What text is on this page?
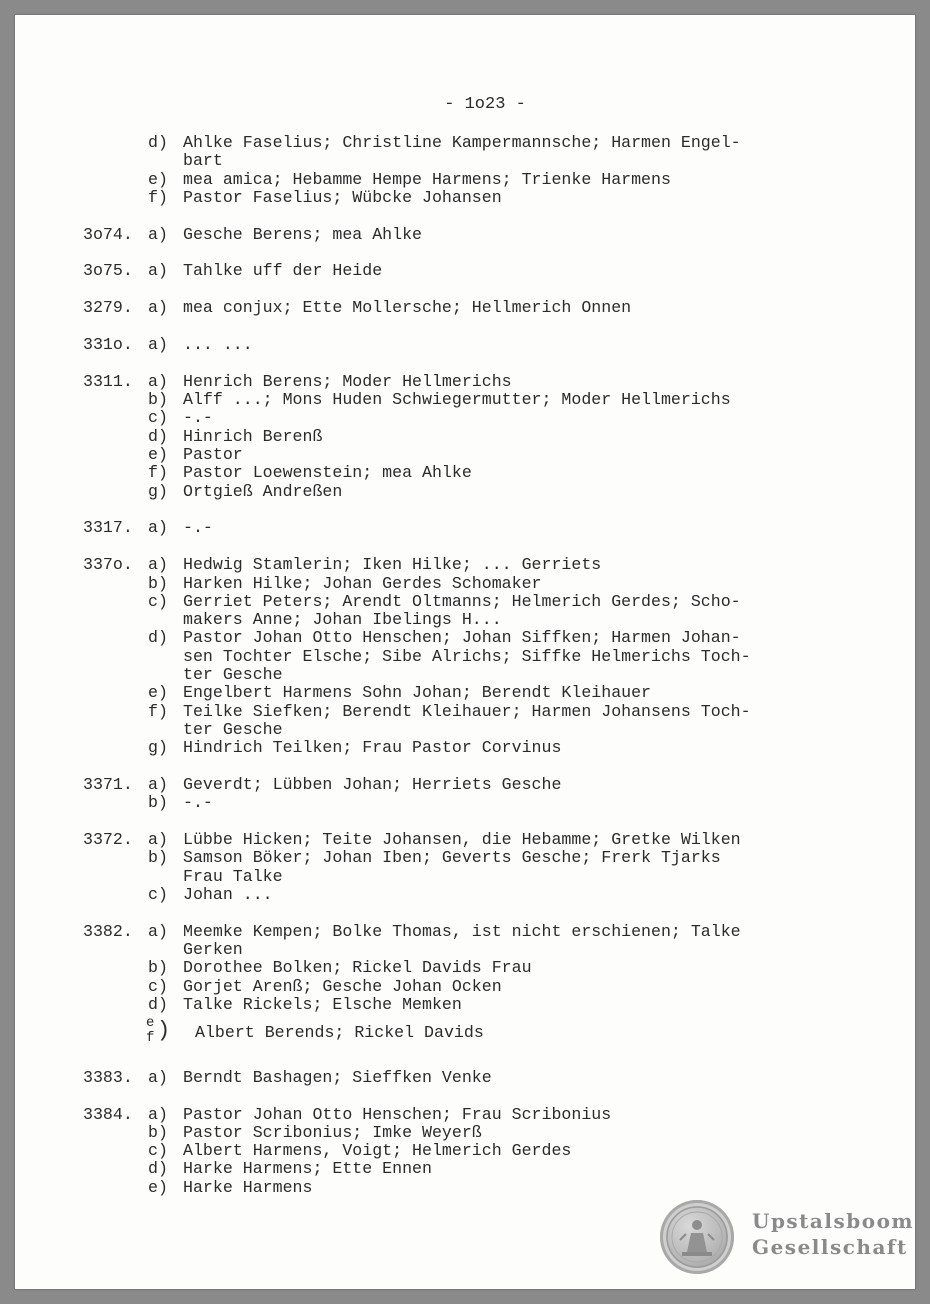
- 1o23 -
d) Ahlke Faselius; Christline Kampermannsche; Harmen Engel-
bart
e) mea amica; Hebamme Hempe Harmens; Trienke Harmens
f) Pastor Faselius; Wübcke Johansen
3o74. a) Gesche Berens; mea Ahlke
3o75. a) Tahlke uff der Heide
3279. a) mea conjux; Ette Mollersche; Hellmerich Onnen
331o. a) ... ...
3311. a) Henrich Berens; Moder Hellmerichs
b) Alff ...; Mons Huden Schwiegermutter; Moder Hellmerichs
c) -.-
d) Hinrich Berenß
e) Pastor
f) Pastor Loewenstein; mea Ahlke
g) Ortgieß Andreßen
3317. a) -.-
337o. a) Hedwig Stamlerin; Iken Hilke; ... Gerriets
b) Harken Hilke; Johan Gerdes Schomaker
c) Gerriet Peters; Arendt Oltmanns; Helmerich Gerdes; Scho-
makers Anne; Johan Ibelings H...
d) Pastor Johan Otto Henschen; Johan Siffken; Harmen Johan-
sen Tochter Elsche; Sibe Alrichs; Siffke Helmerichs Toch-
ter Gesche
e) Engelbert Harmens Sohn Johan; Berendt Kleihauer
f) Teilke Siefken; Berendt Kleihauer; Harmen Johansens Toch-
ter Gesche
g) Hindrich Teilken; Frau Pastor Corvinus
3371. a) Geverdt; Lübben Johan; Herriets Gesche
b) -.-
3372. a) Lübbe Hicken; Teite Johansen, die Hebamme; Gretke Wilken
b) Samson Böker; Johan Iben; Geverts Gesche; Frerk Tjarks
Frau Talke
c) Johan ...
3382. a) Meemke Kempen; Bolke Thomas, ist nicht erschienen; Talke
Gerken
b) Dorothee Bolken; Rickel Davids Frau
c) Gorjet Arenß; Gesche Johan Ocken
d) Talke Rickels; Elsche Memken
e
f ) Albert Berends; Rickel Davids
3383. a) Berndt Bashagen; Sieffken Venke
3384. a) Pastor Johan Otto Henschen; Frau Scribonius
b) Pastor Scribonius; Imke Weyerß
c) Albert Harmens, Voigt; Helmerich Gerdes
d) Harke Harmens; Ette Ennen
e) Harke Harmens
Upstalsboom
Gesellschaft
